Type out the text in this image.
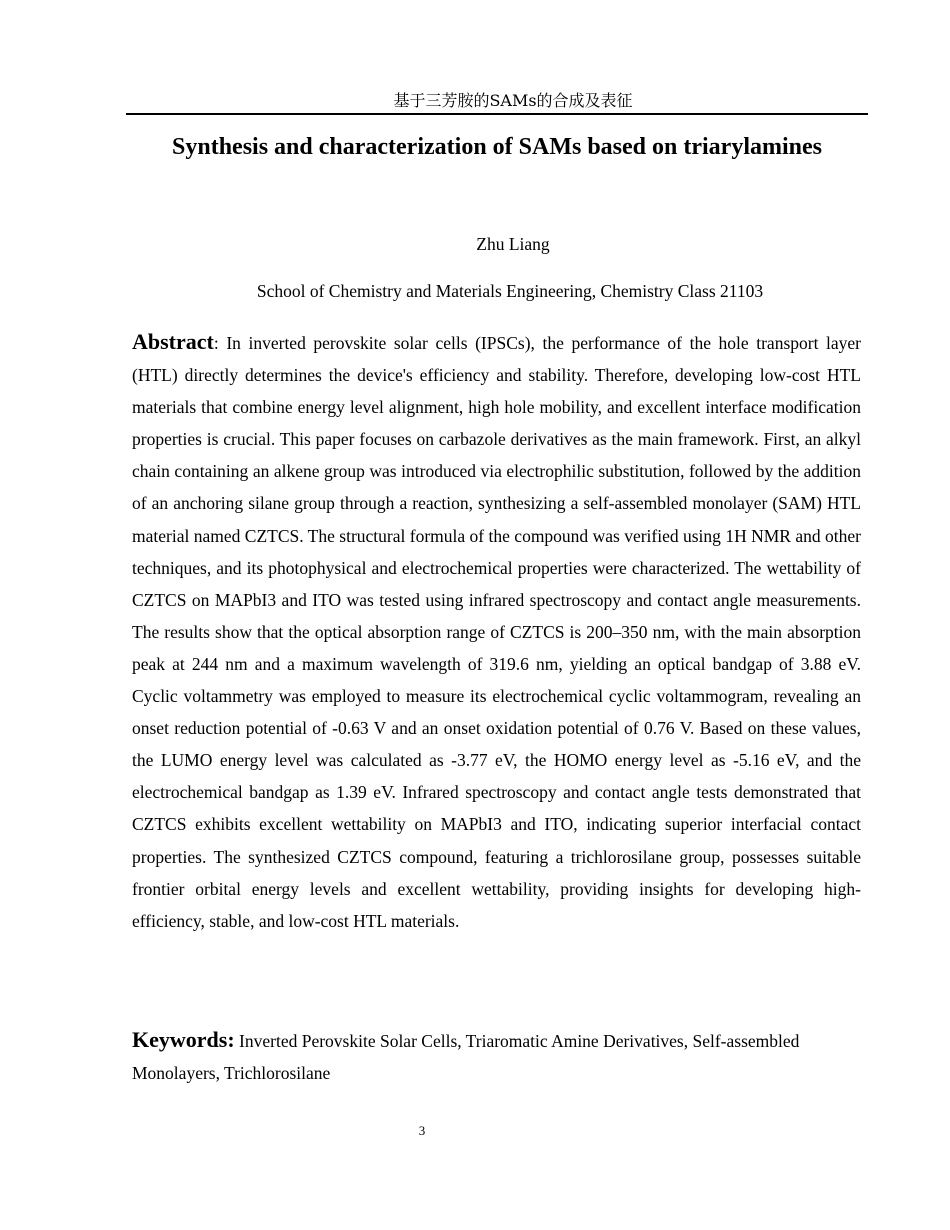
基于三芳胺的SAMs的合成及表征
Synthesis and characterization of SAMs based on triarylamines
Zhu Liang
School of Chemistry and Materials Engineering, Chemistry Class 21103

Abstract: In inverted perovskite solar cells (IPSCs), the performance of the hole transport layer (HTL) directly determines the device's efficiency and stability. Therefore, developing low-cost HTL materials that combine energy level alignment, high hole mobility, and excellent interface modification properties is crucial. This paper focuses on carbazole derivatives as the main framework. First, an alkyl chain containing an alkene group was introduced via electrophilic substitution, followed by the addition of an anchoring silane group through a reaction, synthesizing a self-assembled monolayer (SAM) HTL material named CZTCS. The structural formula of the compound was verified using 1H NMR and other techniques, and its photophysical and electrochemical properties were characterized. The wettability of CZTCS on MAPbI3 and ITO was tested using infrared spectroscopy and contact angle measurements. The results show that the optical absorption range of CZTCS is 200–350 nm, with the main absorption peak at 244 nm and a maximum wavelength of 319.6 nm, yielding an optical bandgap of 3.88 eV. Cyclic voltammetry was employed to measure its electrochemical cyclic voltammogram, revealing an onset reduction potential of -0.63 V and an onset oxidation potential of 0.76 V. Based on these values, the LUMO energy level was calculated as -3.77 eV, the HOMO energy level as -5.16 eV, and the electrochemical bandgap as 1.39 eV. Infrared spectroscopy and contact angle tests demonstrated that CZTCS exhibits excellent wettability on MAPbI3 and ITO, indicating superior interfacial contact properties. The synthesized CZTCS compound, featuring a trichlorosilane group, possesses suitable frontier orbital energy levels and excellent wettability, providing insights for developing high-efficiency, stable, and low-cost HTL materials.

Keywords: Inverted Perovskite Solar Cells, Triaromatic Amine Derivatives, Self-assembled Monolayers, Trichlorosilane

3
